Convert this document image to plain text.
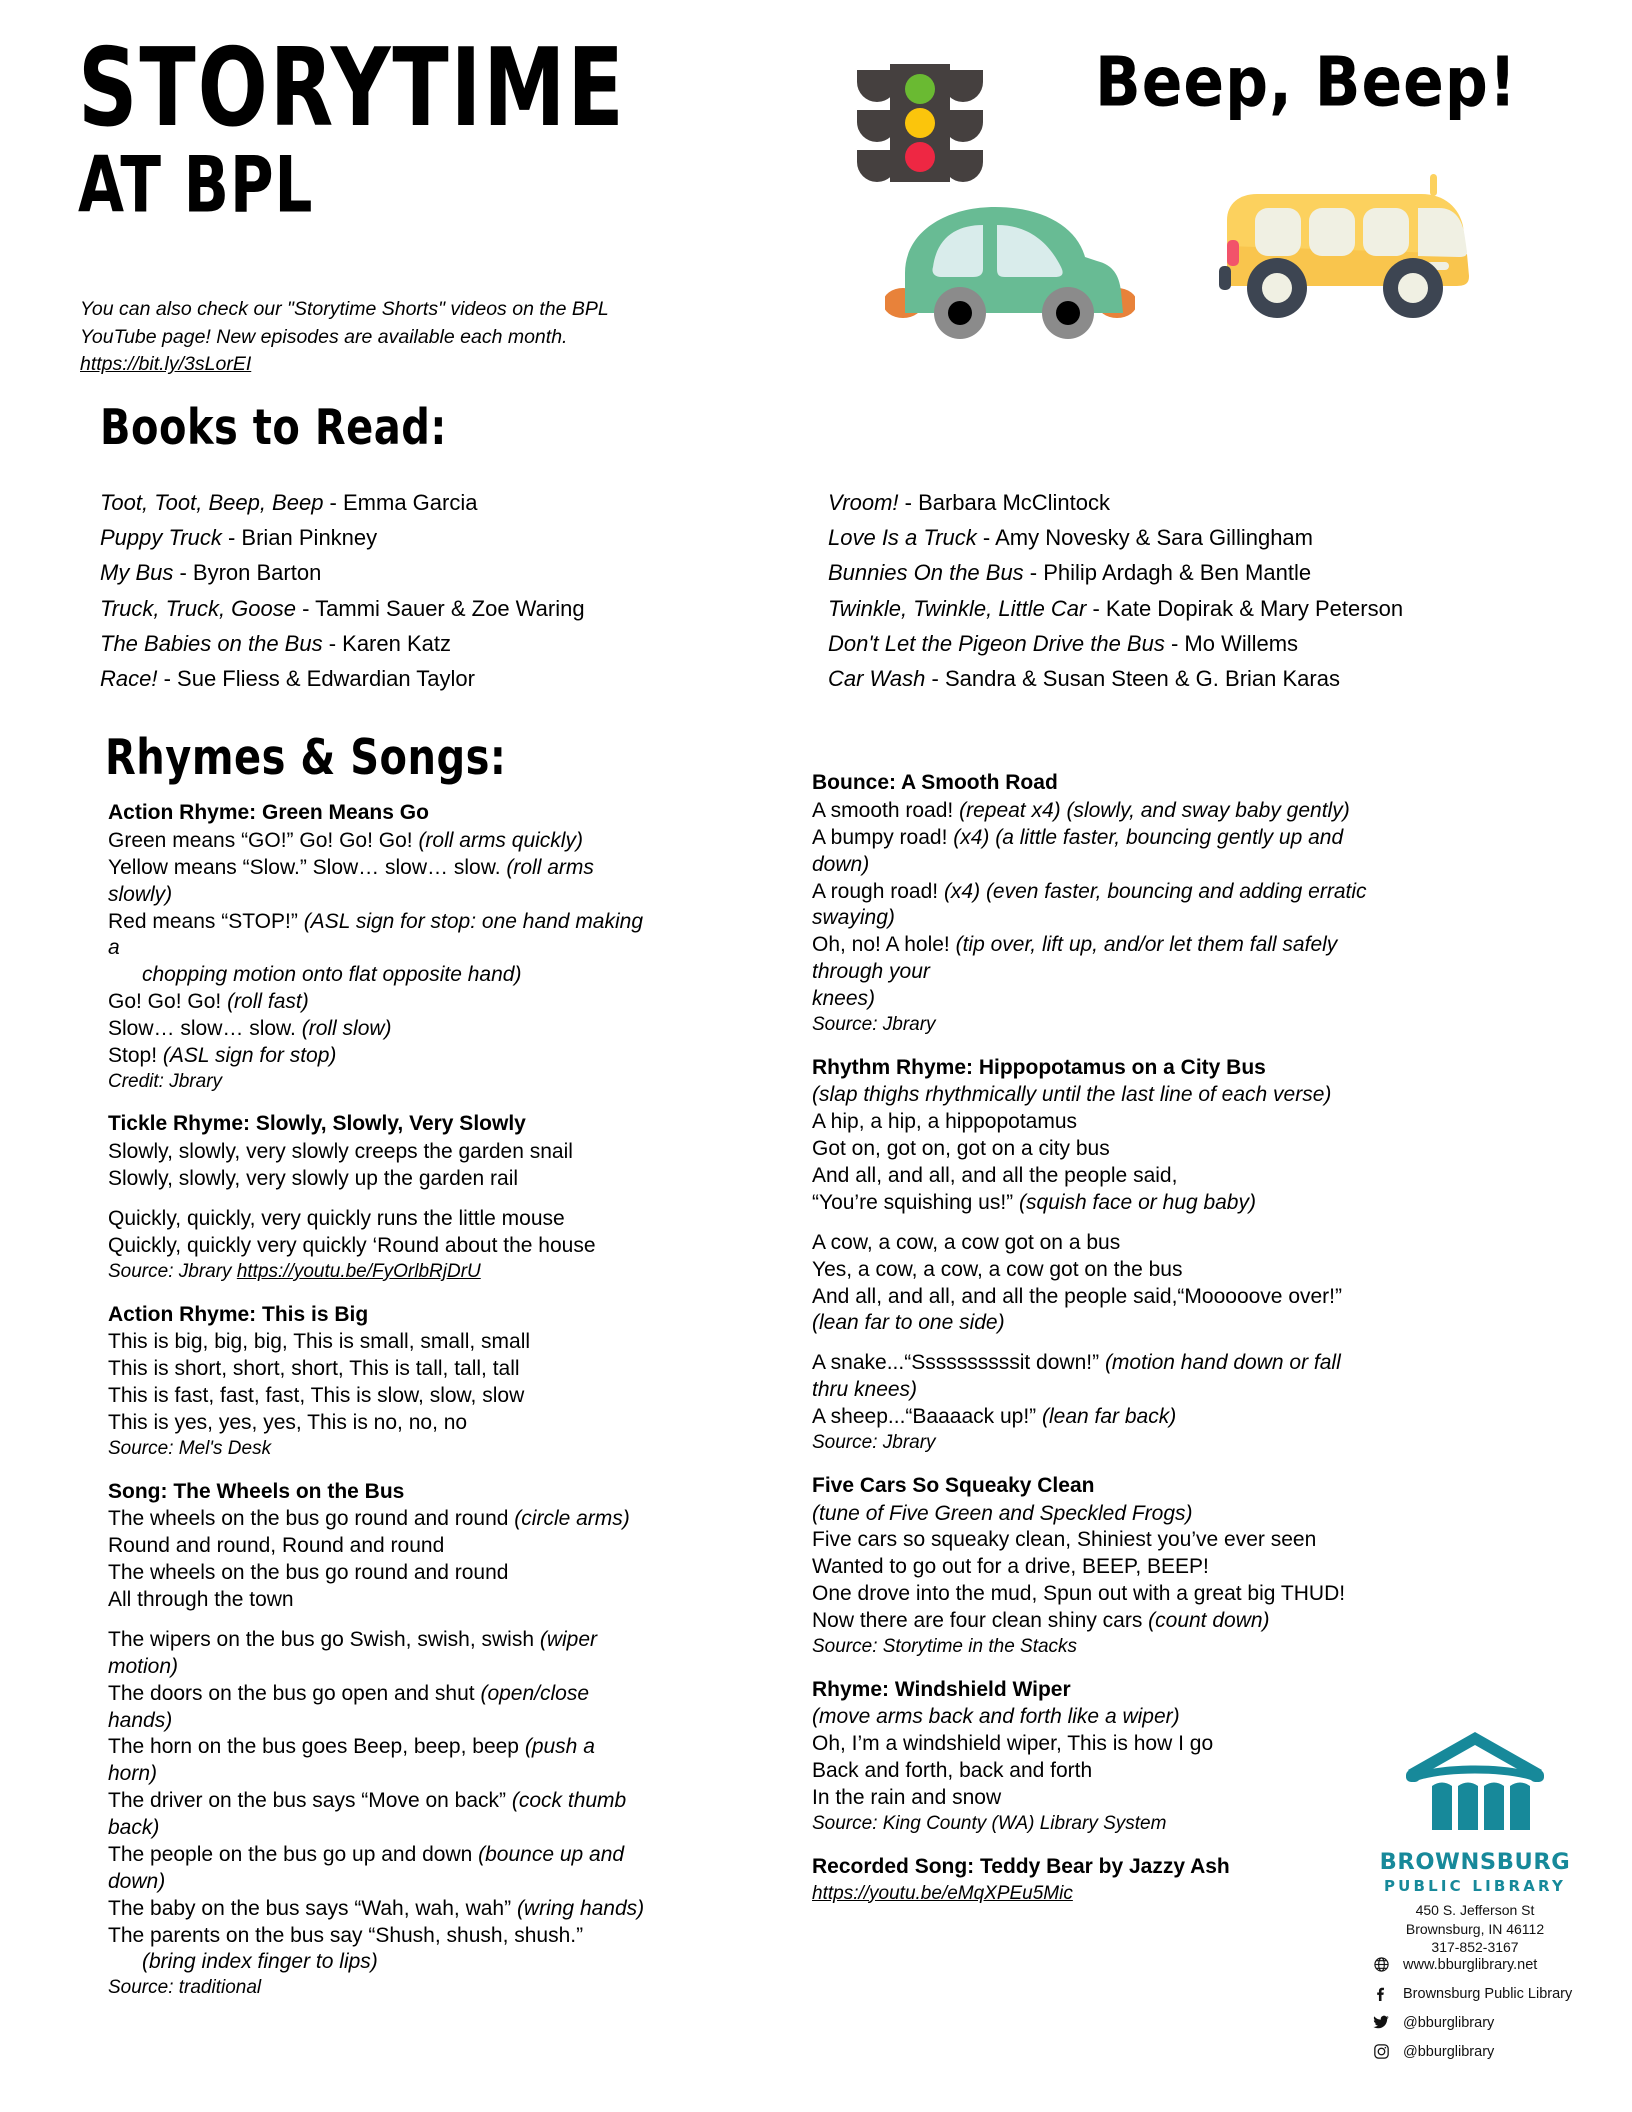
STORYTIME
AT BPL
You can also check our "Storytime Shorts" videos on the BPL YouTube page! New episodes are available each month. https://bit.ly/3sLorEI
Beep, Beep!
Books to Read:
Toot, Toot, Beep, Beep - Emma Garcia
Puppy Truck - Brian Pinkney
My Bus - Byron Barton
Truck, Truck, Goose - Tammi Sauer & Zoe Waring
The Babies on the Bus - Karen Katz
Race! - Sue Fliess & Edwardian Taylor
Vroom! - Barbara McClintock
Love Is a Truck - Amy Novesky & Sara Gillingham
Bunnies On the Bus - Philip Ardagh & Ben Mantle
Twinkle, Twinkle, Little Car - Kate Dopirak & Mary Peterson
Don't Let the Pigeon Drive the Bus - Mo Willems
Car Wash - Sandra & Susan Steen & G. Brian Karas
Rhymes & Songs:
Action Rhyme: Green Means Go

Green means “GO!” Go! Go! Go! (roll arms quickly)

Yellow means “Slow.” Slow… slow… slow. (roll arms slowly)

Red means “STOP!” (ASL sign for stop: one hand making a

chopping motion onto flat opposite hand)

Go! Go! Go! (roll fast)

Slow… slow… slow. (roll slow)

Stop! (ASL sign for stop)

Credit: Jbrary

Tickle Rhyme: Slowly, Slowly, Very Slowly

Slowly, slowly, very slowly creeps the garden snail

Slowly, slowly, very slowly up the garden rail

Quickly, quickly, very quickly runs the little mouse

Quickly, quickly very quickly ‘Round about the house

Source: Jbrary https://youtu.be/FyOrlbRjDrU

Action Rhyme: This is Big

This is big, big, big, This is small, small, small

This is short, short, short, This is tall, tall, tall

This is fast, fast, fast, This is slow, slow, slow

This is yes, yes, yes, This is no, no, no

Source: Mel's Desk

Song: The Wheels on the Bus

The wheels on the bus go round and round (circle arms)

Round and round, Round and round

The wheels on the bus go round and round

All through the town

The wipers on the bus go Swish, swish, swish (wiper motion)

The doors on the bus go open and shut (open/close hands)

The horn on the bus goes Beep, beep, beep (push a horn)

The driver on the bus says “Move on back” (cock thumb back)

The people on the bus go up and down (bounce up and down)

The baby on the bus says “Wah, wah, wah” (wring hands)

The parents on the bus say “Shush, shush, shush.”

(bring index finger to lips)

Source: traditional

Bounce: A Smooth Road

A smooth road! (repeat x4) (slowly, and sway baby gently)

A bumpy road! (x4) (a little faster, bouncing gently up and down)

A rough road! (x4) (even faster, bouncing and adding erratic swaying)

Oh, no! A hole! (tip over, lift up, and/or let them fall safely through your

knees)

Source: Jbrary

Rhythm Rhyme: Hippopotamus on a City Bus

(slap thighs rhythmically until the last line of each verse)

A hip, a hip, a hippopotamus

Got on, got on, got on a city bus

And all, and all, and all the people said,

“You’re squishing us!” (squish face or hug baby)

A cow, a cow, a cow got on a bus

Yes, a cow, a cow, a cow got on the bus

And all, and all, and all the people said,“Mooooove over!”

(lean far to one side)

A snake...“Ssssssssssit down!” (motion hand down or fall thru knees)

A sheep...“Baaaack up!” (lean far back)

Source: Jbrary

Five Cars So Squeaky Clean

(tune of Five Green and Speckled Frogs)

Five cars so squeaky clean, Shiniest you’ve ever seen

Wanted to go out for a drive, BEEP, BEEP!

One drove into the mud, Spun out with a great big THUD!

Now there are four clean shiny cars (count down)

Source: Storytime in the Stacks

Rhyme: Windshield Wiper

(move arms back and forth like a wiper)

Oh, I’m a windshield wiper, This is how I go

Back and forth, back and forth

In the rain and snow

Source: King County (WA) Library System

Recorded Song: Teddy Bear by Jazzy Ash

https://youtu.be/eMqXPEu5Mic

BROWNSBURG
PUBLIC LIBRARY
450 S. Jefferson St
Brownsburg, IN 46112
317-852-3167
www.bburglibrary.net
Brownsburg Public Library
@bburglibrary
@bburglibrary
